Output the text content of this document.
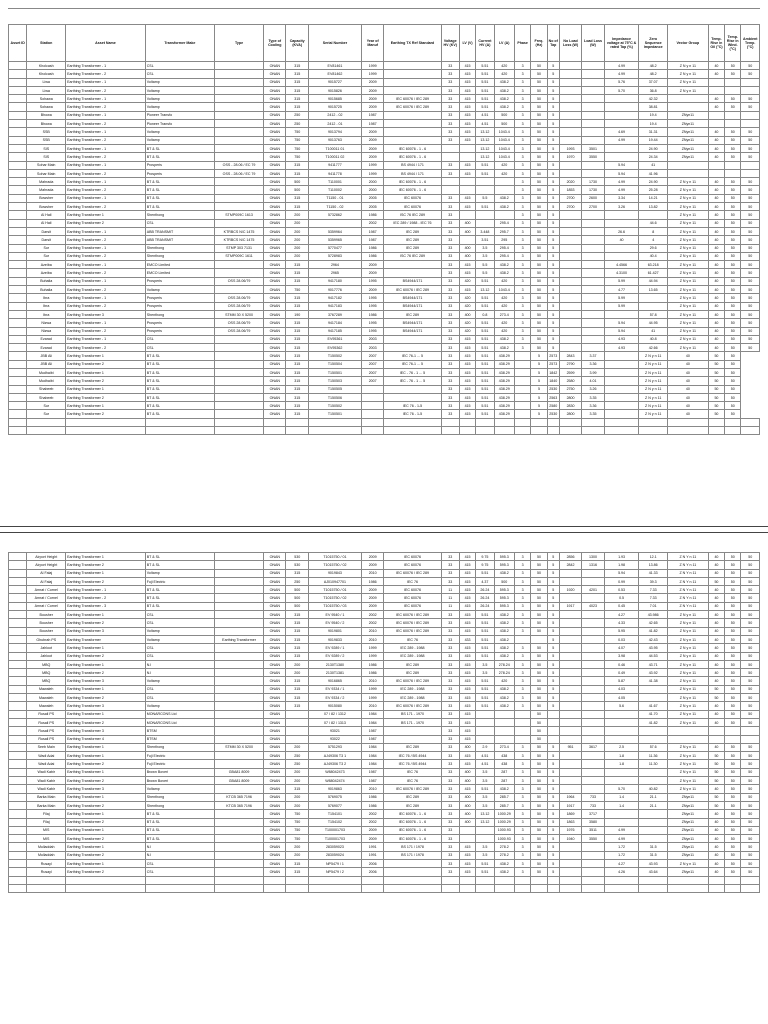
Asset ID	Station	Asset Name	Transformer Make	Type	Type of Cooling	Capacity (KVA)	Serial Number	Year of Manuf	Earthing TX Ref Standard	Voltage HV (KV)	LV (V)	Current HV (A)	LV (A)	Phase	Freq. (Hz)	No of Tap	No Load Loss (W)	Load Loss (W)	Impedance voltage at 75°C & rated Tap (%)	Zero Sequence Impedance	Vector Group	Temp. Rise in Oil (°C)	Temp. Rise in Wind. (°C)	Ambient Temp. (°C)
	Kholcash	Earthing Transformer - 1	CSL		ONAN	315	EV81461	1999		33	415	5.51	420	3	50	5			4.99	48.2	Z N y n 11	40	50	50
	Kholcash	Earthing Transformer - 2	CSL		ONAN	315	EV81462	1999		33	415	5.51	420	3	50	5			4.99	48.2	Z N y n 11	40	50	50
	Liwa	Earthing Transformer - 1	Voltamp		ONAN	315	9015727	2009		33	415	5.51	438.2	3	50	5			5.76	37.07	Z N y n 11			
	Liwa	Earthing Transformer - 2	Voltamp		ONAN	315	9015826	2009		33	415	5.51	438.2	3	50	5			5.70	36.8	Z N y n 11			
	Sohawa	Earthing Transformer - 1	Voltamp		ONAN	315	9015685	2009	IEC 60076 / IEC 289	33	415	5.51	438.2	3	50	5				42.32		40	50	50
	Sohawa	Earthing Transformer - 2	Voltamp		ONAN	315	9015725	2009	IEC 60076 / IEC 289	33	415	5.51	438.2	3	50	5				38.81		40	50	50
	Bhowa	Earthing Transformer - 1	Pioneer Transfo		ONAN	250	2412 - 02	1987		33	415	4.51	500	3	50	5				19.4	ZNyn11			
	Bhowa	Earthing Transformer - 2	Pioneer Transfo		ONAN	250	2412 - 01	1987		33	415	4.51	500	3	50	5				19.4	ZNyn11			
	SSB	Earthing Transformer - 1	Voltamp		ONAN	750	9013794	2009		33	415	13.12	1043.4	3	50	5			4.69	31.31	ZNyn11	40	50	50
	SSB	Earthing Transformer - 2	Voltamp		ONAN	750	9013763	2009		33	415	13.12	1043.4	3	50	5			4.99	19.44	ZNyn11	40	50	50
	SIS	Earthing Transformer - 1	BT & SL		ONAN	750	T100011 01	2009	IEC 60076 - 1 - 6			13.12	1043.4	3	50	5	1993	3501		24.90	ZNyn11	40	50	50
	SIS	Earthing Transformer - 2	BT & SL		ONAN	750	T100011 02	2009	IEC 60076 - 1 - 6			13.12	1043.4	3	50	5	1970	3550		24.34	ZNyn11	40	50	50
	Sohar Main	Earthing Transformer - 1	Prosperis	OSS - 28.06 / EC 79	ONAN	315	9411777	1999	BS 4944 / 171	33	415	5.51	420	3	50	5			5.94	41				
	Sohar Main	Earthing Transformer - 2	Prosperis	OSS - 28.06 / EC 79	ONAN	315	9411778	1999	BS 4944 / 171	33	415	5.51	420	3	50	5			5.94	41.96				
	Mahrada	Earthing Transformer - 1	BT & SL		ONAN	500	T110001	2000	IEC 60076 - 1 - 6					3	50	5	2020	1730	4.99	24.90	Z N y n 11	40	50	50
	Mahrada	Earthing Transformer - 2	BT & SL		ONAN	500	T110002	2000	IEC 60076 - 1 - 6					3	50	5	1853	1730	4.99	25.28	Z N y n 11	40	50	50
	Bowsher	Earthing Transformer - 1	BT & SL		ONAN	315	T1150 - 01	2005	IEC 60076	33	415	5.5	438.2	3	50	5	2700	2600	3.34	14.21	Z N y n 11	40	50	50
	Bowsher	Earthing Transformer - 2	BT & SL		ONAN	315	T1150 - 02	2005	IEC 60076	33	415	5.51	438.2	3	50	5	2700	2700	3.26	13.82	Z N y n 11	40	50	50
	Al Hail	Earthing Transformer 1	Shenthong	STMP009C 1613	ONAN	200	5732862	1986	ISC 76 IEC 289	33				3	50	5					Z N y n 11	40	50	50
	Al Hail	Earthing Transformer 2	CSL		ONAN	200		2002	IEC 289 / 1988 - IEC 76	33	400		295.4	3	50	5				44.6	Z N y n 11	40	50	50
	Darsit	Earthing Transformer - 1	ABB TRANSMIT	KTRBCS N/C 1475	ONAN	200	5359964	1987	IEC 289	33	400	3.448	295.7	3	50	5			26.6	8	Z N y n 11	40	50	50
	Darsit	Earthing Transformer - 2	ABB TRANSMIT	KTRBCS N/C 1475	ONAN	200	5359965	1987	IEC 289	33		3.51	295	3	50	5			40	4	Z N y n 11	40	50	50
	Sur	Earthing Transformer - 1	Shenthong	STMP 303 7131	ONAN	200	5770477	1986	IEC 289	33	400	3.5	295.4	3	50	5				29.6	Z N y n 11	40	50	50
	Sur	Earthing Transformer - 2	Shenthong	STMP009C 1611	ONAN	200	5728983	1986	ISC 76 IEC 289	33	400	3.5	295.4	3	50	5				40.4	Z N y n 11	40	50	50
	Azeiba	Earthing Transformer - 1	EMCO Limited		ONAN	315	2964	2009		33	415	5.5	438.2	3	50	5			4.4566	63.218	Z N y n 11	40	50	50
	Azeiba	Earthing Transformer - 2	EMCO Limited		ONAN	315	2965	2009		33	415	5.5	438.2	3	50	5			4.3100	61.427	Z N y n 11	40	50	50
	Buhaila	Earthing Transformer - 1	Prosperis	OSS 28.06/79	ONAN	315	9417180	1995	BS4944/171	33	420	5.51	420	3	50	5			5.99	44.94	Z N y n 11	40	50	50
	Buhaila	Earthing Transformer - 2	Voltamp		ONAN	750	9017776	2009	IEC 60076 / IEC 289	33	415	13.12	1043.4	3	50	5			4.77	13.65	Z N y n 11	40	50	50
	Ibra	Earthing Transformer - 1	Prosperis	OSS 28.06/79	ONAN	315	9417182	1995	BS4944/171	33	420	5.51	420	3	50	5			5.99		Z N y n 11	40	50	50
	Ibra	Earthing Transformer - 2	Prosperis	OSS 28.06/79	ONAN	315	9417183	1995	BS4944/171	33	420	5.51	420	3	50	5			5.99		Z N y n 11	40	50	50
	Ibra	Earthing Transformer 3	Shenthong	STMM 30 X 5200	ONAN	190	3767289	1986	IEC 289	33	400	0.8	273.4	3	50	5				57.8	Z N y n 11	40	50	50
	Nizwa	Earthing Transformer - 1	Prosperis	OSS 28.06/79	ONAN	315	9417184	1995	BS4944/171	33	420	5.51	420	3	50	5			5.94	44.95	Z N y n 11	40	50	50
	Nizwa	Earthing Transformer - 2	Prosperis	OSS 28.06/79	ONAN	315	9417185	1995	BS4944/171	33	420	5.51	420	3	50	5			5.94	41	Z N y n 11	40	50	50
	Ezarad	Earthing Transformer - 1	CSL		ONAN	315	EV95361	2003		33	415	5.51	438.2	3	50	5			4.93	40.8	Z N y n 11	40	50	50
	Ezarad	Earthing Transformer - 2	CSL		ONAN	315	EV95362	2003		33	415	5.51	438.2	3	50	5			4.93	42.66	Z N y n 11	40	50	50
	JBB Ali	Earthing Transformer 1	BT & SL		ONAN	315	T150502	2007	IEC 76-1 ... 5	33	415	5.51	438.29		5	2573	2843	3.37		Z N y n 11	40	50	50	
	JBB Ali	Earthing Transformer 2	BT & SL		ONAN	315	T150504	2007	IEC 76-1 ... 5	33	415	5.51	438.29		5	2573	2790	3.36		Z N y n 11	40	50	50	
	Mudhaibi	Earthing Transformer 1	BT & SL		ONAN	315	T150501	2007	IEC - 76 - 1 ... 5	33	415	5.51	438.29		5	1842	2599	3.99		Z N y n 11	40	50	50	
	Mudhaibi	Earthing Transformer 2	BT & SL		ONAN	315	T150503	2007	IEC - 76 - 1 ... 5	33	415	5.51	438.29		5	1840	2580	4.01		Z N y n 11	40	50	50	
	Shabeeb	Earthing Transformer 1	BT & SL		ONAN	315	T150505			33	415	5.51	438.29		5	2530	2750	3.26		Z N y n 11	40	50	50	
	Shabeeb	Earthing Transformer 2	BT & SL		ONAN	315	T150506			33	415	5.51	438.29		5	2563	2800	3.35		Z N y n 11	40	50	50	
	Sur	Earthing Transformer 1	BT & SL		ONAN	315	T150502		IEC 76 - 1-5	33	415	5.51	438.29		5	2580	2830	3.36		Z N y n 11	40	50	50	
	Sur	Earthing Transformer 2	BT & SL		ONAN	315	T150501		IEC 76 - 1-5	33	415	5.51	438.29		5	2530	2800	3.35		Z N y n 11	40	50	50	

	Airport Height	Earthing Transformer 1	BT & SL		ONAN	530	T1015750 / 01	2009	IEC 60076	33	415	9.75	595.3	3	50	5	2856	1300	1.93	12.1	Z N Y n 11	40	50	50
	Airport Height	Earthing Transformer 2	BT & SL		ONAN	530	T1015750 / 02	2009	IEC 60076	33	415	9.75	595.3	3	50	5	2842	1316	1.98	13.86	Z N Y n 11	40	50	50
	Al Falaj	Earthing Transformer 1	Voltamp		ONAN	315	9019843	2010	IEC 60076 / IEC 289	33	415	5.51	438.2	3	50	5			5.94	41.33	Z N Y n 11	40	50	50
	Al Falaj	Earthing Transformer 2	Fuji Electric		ONAN	250	AJ010947701	1986	IEC 76	33	415	4.37	500	3	50	5			0.99	39.3	Z N Y n 11	50	50	50
	Amrat / Cornel	Earthing Transformer - 1	BT & SL		ONAN	500	T1015750 / 01	2009	IEC 60076	11	415	26.24	595.3	3	50	5	1920	4201	0.53	7.33	Z N Y n 11	40	50	50
	Amrat / Cornel	Earthing Transformer - 2	BT & SL		ONAN	500	T1015750 / 02	2009	IEC 60076	11	415	26.24	595.3	3	50	5			0.5	7.33	Z N Y n 11	40	50	50
	Amrat / Cornel	Earthing Transformer - 3	BT & SL		ONAN	500	T1015750 / 03	2009	IEC 60076	11	415	26.24	595.3	3	50	5	1917	4023	0.45	7.01	Z N Y n 11	40	50	50
	Bousher	Earthing Transformer 1	CSL		ONAN	315	EV 9540 / 1	2002	IEC 60076 / IEC 289	33	415	5.51	438.2	3	50	5			4.27	43.986	Z N y n 11	40	50	50
	Bousher	Earthing Transformer 2	CSL		ONAN	315	EV 9540 / 2	2002	IEC 60076 / IEC 289	33	415	5.51	438.2	3	50	5			4.33	42.65	Z N y n 11	40	50	50
	Bousher	Earthing Transformer 3	Voltamp		ONAN	315	9019801	2010	IEC 60076 / IEC 289	33	415	5.51	438.2	3	50	5			5.95	41.82	Z N y n 11	40	50	50
	Ghubrah PS	Earthing Transformer	Voltamp	Earthing Transformer	ONAN	315	9019833	2010	IEC 76	33	433	5.51	438.2			5			0.03	42.43	Z N y n 11	40	50	50
	Jahloot	Earthing Transformer 1	CSL		ONAN	315	EV 9289 / 1	1999	IEC 289 - 1988	33	415	5.51	438.2	3	50	5			4.07	43.95	Z N y n 11	40	50	50
	Jahloot	Earthing Transformer 2	CSL		ONAN	315	EV 9289 / 2	1999	IEC 289 - 1988	33	415	5.51	438.2	3	50	5			3.98	44.53	Z N y n 11	40	50	50
	MBQ	Earthing Transformer 1	N.I		ONAN	200	2130T1380	1986	IEC 289	33	415	3.5	278.24	3	50	5			0.46	43.71	Z N y n 11	40	50	50
	MBQ	Earthing Transformer 2	N.I		ONAN	200	2130T1381	1986	IEC 289	33	415	3.5	278.24	3	50	5			0.49	43.92	Z N y n 11	40	50	50
	MBQ	Earthing Transformer 3	Voltamp		ONAN	315	9016865	2010	IEC 60076 / IEC 289	33	415	5.51	420	3	50	5			5.87	41.38	Z N y n 11	40	50	50
	Mawaleh	Earthing Transformer 1	CSL		ONAN	315	EV 9334 / 1	1999	IEC 289 - 1988	33	415	5.51	438.2	3	50	5			4.03		Z N y n 11	50	50	50
	Mawaleh	Earthing Transformer 2	CSL		ONAN	315	EV 9334 / 2	1999	IEC 289 - 1988	33	415	5.51	438.2	3	50	5			4.05		Z N y n 11	50	50	50
	Mawaleh	Earthing Transformer 3	Voltamp		ONAN	315	9015080	2010	IEC 60076 / IEC 289	33	415	5.51	438.2	3	50	5			5.6	41.67	Z N y n 11	40	50	50
	Rusail PS	Earthing Transformer 1	MONARCONS Ltd		ONAN		07 / 82 / 1312	1984	BS 171 - 1970	33	415				50					41.70	Z N y n 11	40	50	50
	Rusail PS	Earthing Transformer 2	MONARCONS Ltd		ONAN		07 / 82 / 1313	1984	BS 171 - 1970	33	415				50					41.82	Z N y n 11	40	50	50
	Rusail PS	Earthing Transformer 3	BTSM		ONAN		93021	1987		33	415				50									
	Rusail PS	Earthing Transformer 4	BTSM		ONAN		93022	1987		33	415				50									
	Seeb Main	Earthing Transformer 1	Shenthong	STMM 30 X 5200	ONAN	200	5751293	1984	IEC 289	33	400	2.9	273.4	3	50	5	951	3617	2.5	57.6	Z N y n 11	40	50	50
	Wadi Adai	Earthing Transformer 1	Fuji Electric		ONAN	250	AJ49306 T3 1	1984	IEC 76 / BS 4944	33	415	4.51	438	3	50	5			1.8	11.36	Z N y n 11	50	50	50
	Wadi Adai	Earthing Transformer 2	Fuji Electric		ONAN	250	AJ49306 T3 2	1984	IEC 76 / BS 4944	33	415	4.51	438	3	50	5			1.8	11.30	Z N y n 11	50	50	50
	Wadi Kabir	Earthing Transformer 1	Brown Boveri	GBA81 8009	ONAN	200	W88042473	1987	IEC 76	33	400	3.5	287	3	50	5					Z N y n 11	50	50	50
	Wadi Kabir	Earthing Transformer 2	Brown Boveri	GBA81 8009	ONAN	200	W88042474	1987	IEC 76	33	400	3.5	287	3	50	5					Z N y n 11	50	50	50
	Wadi Kabir	Earthing Transformer 3	Voltamp		ONAN	315	9019863	2010	IEC 60076 / IEC 289	33	415	5.51	438.2	3	50	5			5.70	40.82	Z N y n 11	40	50	50
	Barka Main	Earthing Transformer 1	Shenthong	KTCB 365 7196	ONAN	200	5769075	1986	IEC 289	33	400	3.5	285.7	3	50	5	1964	733	1.4	21.1	ZNyn11	50	50	50
	Barka Main	Earthing Transformer 2	Shenthong	KTCB 365 7196	ONAN	200	5769077	1986	IEC 289	33	400	3.5	285.7	3	50	5	1917	733	1.4	21.1	ZNyn11	50	50	50
	Filaj	Earthing Transformer 1	BT & SL		ONAN	750	T154101	2002	IEC 60076 - 1 - 6	33	400	13.12	1000.29	3	50	5	1869	3717			ZNyn11	40	50	50
	Filaj	Earthing Transformer 2	BT & SL		ONAN	750	T154102	2002	IEC 60076 - 1 - 6	33	400	13.12	1000.29	3	50	5	1863	3580			ZNyn11	40	50	50
	MIS	Earthing Transformer 1	BT & SL		ONAN	750	T100001703	2009	IEC 60076 - 1 - 6	33			1000.93	3	50	5	1976	3511	4.99		ZNyn11	40	50	50
	MIS	Earthing Transformer 2	BT & SL		ONAN	750	T100001703	2009	IEC 60076 - 1 - 6	33			1000.93	3	50	5	1940	3550	4.99		ZNyn11	40	50	50
	Mulladdah	Earthing Transformer 1	N.I		ONAN	200	283059023	1991	BS 171 / 1978	33	415	3.5	278.2	3	50	5			1.72	31.5	ZNyn11	40	50	50
	Mulladdah	Earthing Transformer 2	N.I		ONAN	200	283059024	1991	BS 171 / 1978	33	415	3.5	278.2	3	50	5			1.72	31.5	ZNyn11	40	50	50
	Rusayl	Earthing Transformer 1	CSL		ONAN	315	NP5479 / 1	2006		33	415	5.51	438.2	3	50	5			4.27	43.93	Z N y n 11	40	50	50
	Rusayl	Earthing Transformer 2	CSL		ONAN	315	NP5479 / 2	2006		33	415	5.51	438.2	3	50	5			4.26	43.64	ZNyn11	40	50	50
